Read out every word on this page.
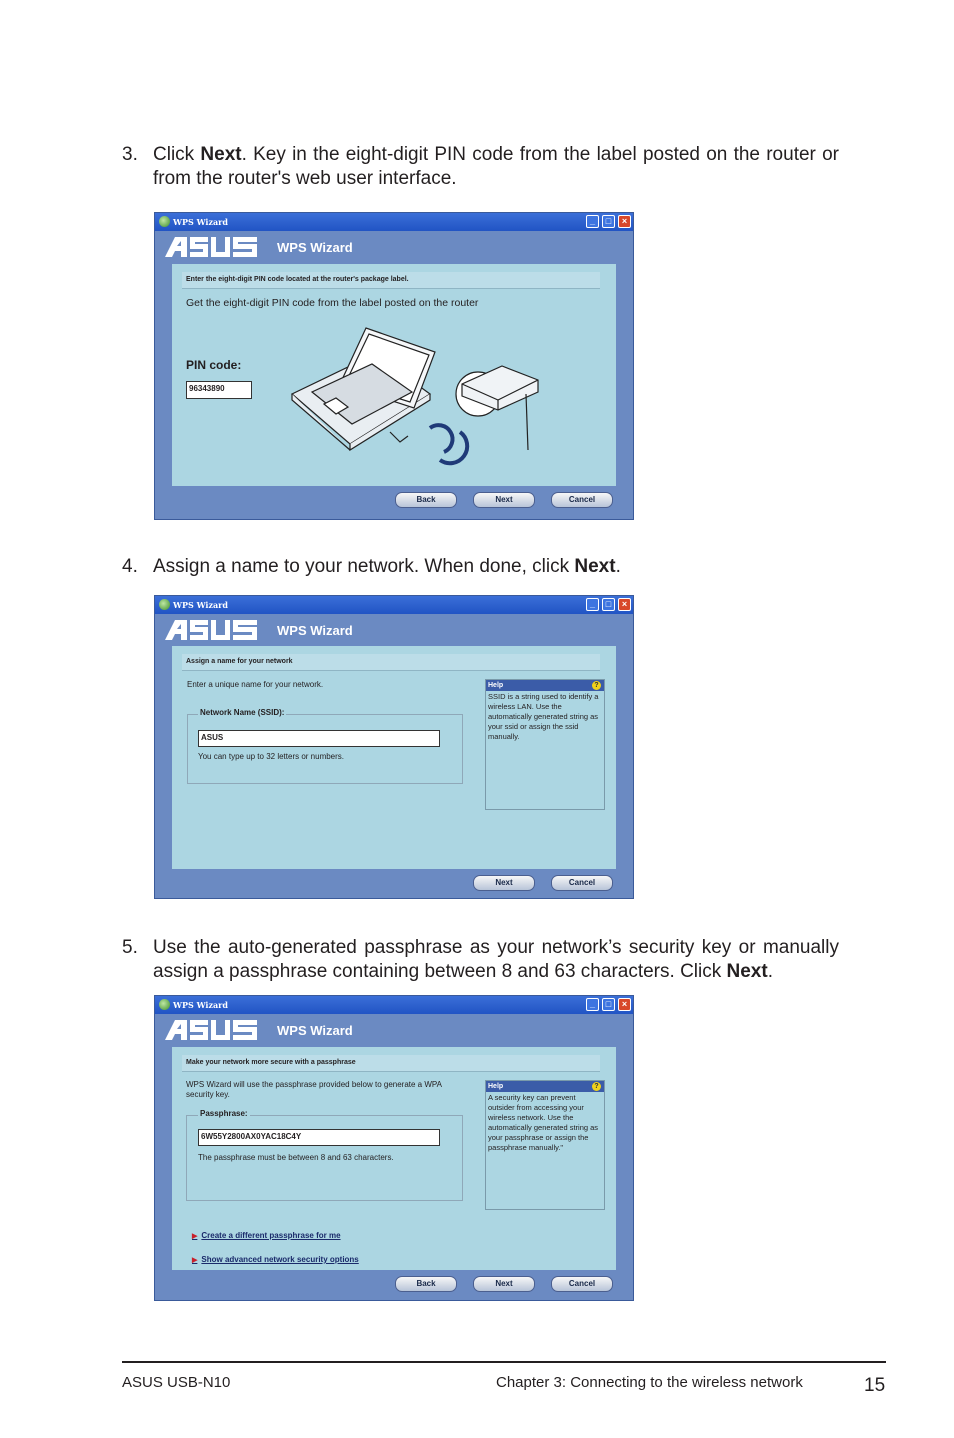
3. Click Next. Key in the eight-digit PIN code from the label posted on the router or from the router's web user interface.
WPS Wizard	_	□	×
WPS Wizard
Enter the eight-digit PIN code located at the router's package label.
Get the eight-digit PIN code from the label posted on the router
PIN code:
96343890
Back	Next	Cancel
4. Assign a name to your network. When done, click Next.
WPS Wizard	_	□	×
WPS Wizard
Assign a name for your network
Enter a unique name for your network.
Network Name (SSID):
ASUS
You can type up to 32 letters or numbers.
Help	?
SSID is a string used to identify a wireless LAN. Use the automatically generated string as your ssid or assign the ssid manually.
Next	Cancel
5. Use the auto-generated passphrase as your network’s security key or manually assign a passphrase containing between 8 and 63 characters. Click Next.
WPS Wizard	_	□	×
WPS Wizard
Make your network more secure with a passphrase
WPS Wizard will use the passphrase provided below to generate a WPA security key.
Passphrase:
6W55Y2800AX0YAC18C4Y
The passphrase must be between 8 and 63 characters.
Help	?
A security key can prevent outsider from accessing your wireless network. Use the automatically generated string as your passphrase or assign the passphrase manually."
▶ Create a different passphrase for me
▶ Show advanced network security options
Back	Next	Cancel
ASUS USB-N10	Chapter 3: Connecting to the wireless network	15
